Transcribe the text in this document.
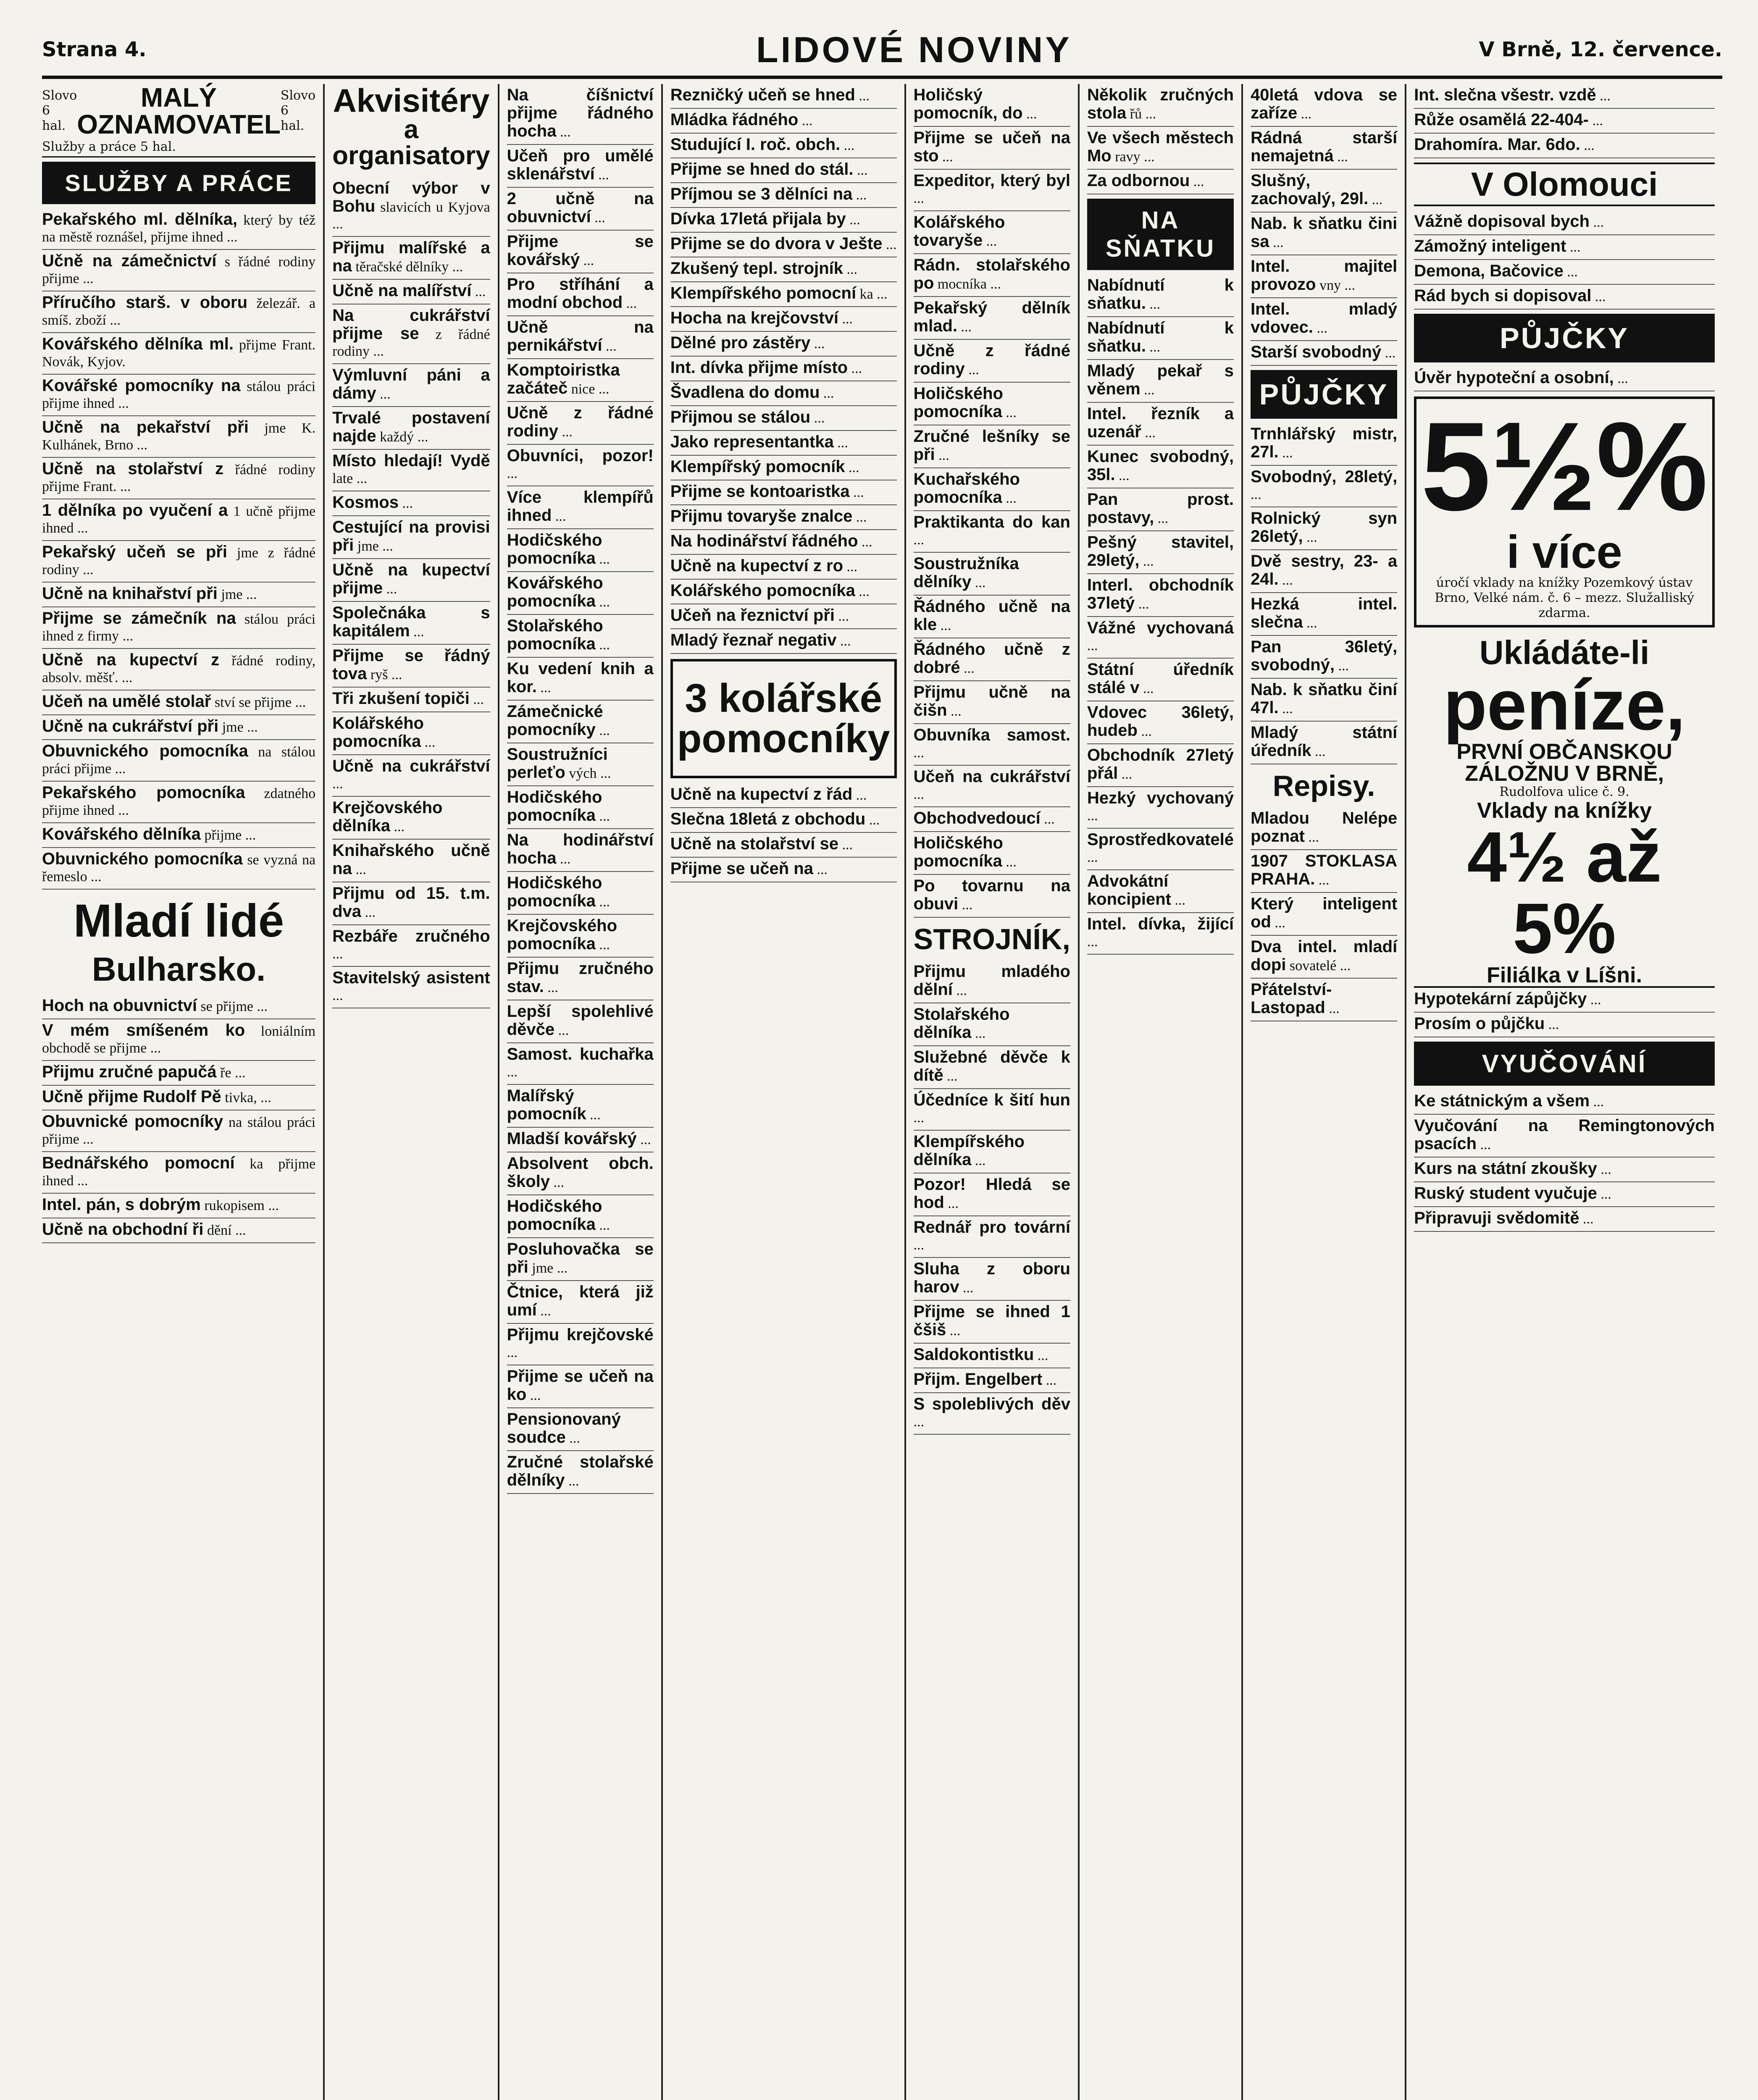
Strana 4.	LIDOVÉ NOVINY	V Brně, 12. července.
Slovo 6 hal.
MALÝ OZNAMOVATEL
Slovo 6 hal.
Služby a práce 5 hal.
SLUŽBY A PRÁCE
Pekařského ml. dělníka, který by též na městě roznášel, přijme ihned ...
Učně na zámečnictví s řádné rodiny přijme ...
Příručího starš. v oboru železář. a smíš. zboží ...
Kovářského dělníka ml. přijme Frant. Novák, Kyjov.
Kovářské pomocníky na stálou práci přijme ihned ...
Učně na pekařství při jme K. Kulhánek, Brno ...
Učně na stolařství z řádné rodiny přijme Frant. ...
1 dělníka po vyučení a 1 učně přijme ihned ...
Pekařský učeň se při jme z řádné rodiny ...
Učně na knihařství při jme ...
Přijme se zámečník na stálou práci ihned z firmy ...
Učně na kupectví z řádné rodiny, absolv. měšť. ...
Učeň na umělé stolař ství se přijme ...
Učně na cukrářství při jme ...
Obuvnického pomocníka na stálou práci přijme ...
Pekařského pomocníka zdatného přijme ihned ...
Kovářského dělníka přijme ...
Obuvnického pomocníka se vyzná na řemeslo ...
Mladí lidé
Bulharsko.
Hoch na obuvnictví se přijme ...
V mém smíšeném ko loniálním obchodě se přijme ...
Přijmu zručné papučá ře ...
Učně přijme Rudolf Pě tivka, ...
Obuvnické pomocníky na stálou práci přijme ...
Bednářského pomocní ka přijme ihned ...
Intel. pán, s dobrým rukopisem ...
Učně na obchodní ři dění ...
Akvisitéry
a organisatory
Obecní výbor v Bohu slavicích u Kyjova ...
Přijmu malířské a na těračské dělníky ...
Učně na malířství ...
Na cukrářství přijme se z řádné rodiny ...
Výmluvní páni a dámy ...
Trvalé postavení najde každý ...
Místo hledají! Vydě late ...
Kosmos ...
Cestující na provisi při jme ...
Učně na kupectví přijme ...
Společnáka s kapitálem ...
Přijme se řádný tova ryš ...
Tři zkušení topiči ...
Kolářského pomocníka ...
Učně na cukrářství ...
Krejčovského dělníka ...
Knihařského učně na ...
Přijmu od 15. t.m. dva ...
Rezbáře zručného ...
Stavitelský asistent ...
Na číšnictví přijme řádného hocha ...
Učeň pro umělé sklenářství ...
2 učně na obuvnictví ...
Přijme se kovářský ...
Pro stříhání a modní obchod ...
Učně na pernikářství ...
Komptoiristka začáteč nice ...
Učně z řádné rodiny ...
Obuvníci, pozor! ...
Více klempířů ihned ...
Hodičského pomocníka ...
Kovářského pomocníka ...
Stolařského pomocníka ...
Ku vedení knih a kor. ...
Zámečnické pomocníky ...
Soustružníci perleťo vých ...
Hodičského pomocníka ...
Na hodinářství hocha ...
Hodičského pomocníka ...
Krejčovského pomocníka ...
Přijmu zručného stav. ...
Lepší spolehlivé děvče ...
Samost. kuchařka ...
Malířský pomocník ...
Mladší kovářský ...
Absolvent obch. školy ...
Hodičského pomocníka ...
Posluhovačka se při jme ...
Čtnice, která již umí ...
Přijmu krejčovské ...
Přijme se učeň na ko ...
Pensionovaný soudce ...
Zručné stolařské dělníky ...
Rezničký učeň se hned ...
Mládka řádného ...
Studující I. roč. obch. ...
Přijme se hned do stál. ...
Příjmou se 3 dělníci na ...
Dívka 17letá přijala by ...
Přijme se do dvora v Ješte ...
Zkušený tepl. strojník ...
Klempířského pomocní ka ...
Hocha na krejčovství ...
Dělné pro zástěry ...
Int. dívka přijme místo ...
Švadlena do domu ...
Přijmou se stálou ...
Jako representantka ...
Klempířský pomocník ...
Přijme se kontoaristka ...
Přijmu tovaryše znalce ...
Na hodinářství řádného ...
Učně na kupectví z ro ...
Kolářského pomocníka ...
Učeň na řeznictví při ...
Mladý řeznař negativ ...
3 kolářské pomocníky
Učně na kupectví z řád ...
Slečna 18letá z obchodu ...
Učně na stolařství se ...
Přijme se učeň na ...
Holičský pomocník, do ...
Přijme se učeň na sto ...
Expeditor, který byl ...
Kolářského tovaryše ...
Rádn. stolařského po mocníka ...
Pekařský dělník mlad. ...
Učně z řádné rodiny ...
Holičského pomocníka ...
Zručné lešníky se při ...
Kuchařského pomocníka ...
Praktikanta do kan ...
Soustružníka dělníky ...
Řádného učně na kle ...
Řádného učně z dobré ...
Přijmu učně na čišn ...
Obuvníka samost. ...
Učeň na cukrářství ...
Obchodvedoucí ...
Holičského pomocníka ...
Po tovarnu na obuvi ...
STROJNÍK,
Přijmu mladého dělní ...
Stolařského dělníka ...
Služebné děvče k dítě ...
Účedníce k šití hun ...
Klempířského dělníka ...
Pozor! Hledá se hod ...
Rednář pro tovární ...
Sluha z oboru harov ...
Přijme se ihned 1 čšiš ...
Saldokontistku ...
Přijm. Engelbert ...
S spoleblivých děv ...
Několik zručných stola řů ...
Ve všech městech Mo ravy ...
Za odbornou ...
NA SŇATKU
Nabídnutí k sňatku. ...
Nabídnutí k sňatku. ...
Mladý pekař s věnem ...
Intel. řezník a uzenář ...
Kunec svobodný, 35l. ...
Pan prost. postavy, ...
Pešný stavitel, 29letý, ...
Interl. obchodník 37letý ...
Vážné vychovaná ...
Státní úředník stálé v ...
Vdovec 36letý, hudeb ...
Obchodník 27letý přál ...
Hezký vychovaný ...
Sprostředkovatelé ...
Advokátní koncipient ...
Intel. dívka, žijící ...
40letá vdova se zaříze ...
Rádná starší nemajetná ...
Slušný, zachovalý, 29l. ...
Nab. k sňatku čini sa ...
Intel. majitel provozo vny ...
Intel. mladý vdovec. ...
Starší svobodný ...
PŮJČKY
Trnhlářský mistr, 27l. ...
Svobodný, 28letý, ...
Rolnický syn 26letý, ...
Dvě sestry, 23- a 24l. ...
Hezká intel. slečna ...
Pan 36letý, svobodný, ...
Nab. k sňatku činí 47l. ...
Mladý státní úředník ...
Repisy.
Mladou Nelépe poznat ...
1907 STOKLASA PRAHA. ...
Který inteligent od ...
Dva intel. mladí dopi sovatelé ...
Přátelství-Lastopad ...
Int. slečna všestr. vzdě ...
Růže osamělá 22-404- ...
Drahomíra. Mar. 6do. ...
V Olomouci
Vážně dopisoval bych ...
Zámožný inteligent ...
Demona, Bačovice ...
Rád bych si dopisoval ...
PŮJČKY
Úvěr hypoteční a osobní, ...
5½%
i více
úročí vklady na knížky Pozemkový ústav Brno, Velké nám. č. 6 – mezz. Služalliský zdarma.
Ukládáte-li
peníze,
PRVNÍ OBČANSKOU ZÁLOŽNU V BRNĚ,
Rudolfova ulice č. 9.
Vklady na knížky
4½ až 5%
Filiálka v Líšni.
Hypotekární zápůjčky ...
Prosím o půjčku ...
VYUČOVÁNÍ
Ke státnickým a všem ...
Vyučování na Remingtonových psacích ...
Kurs na státní zkoušky ...
Ruský student vyučuje ...
Připravuji svědomitě ...
